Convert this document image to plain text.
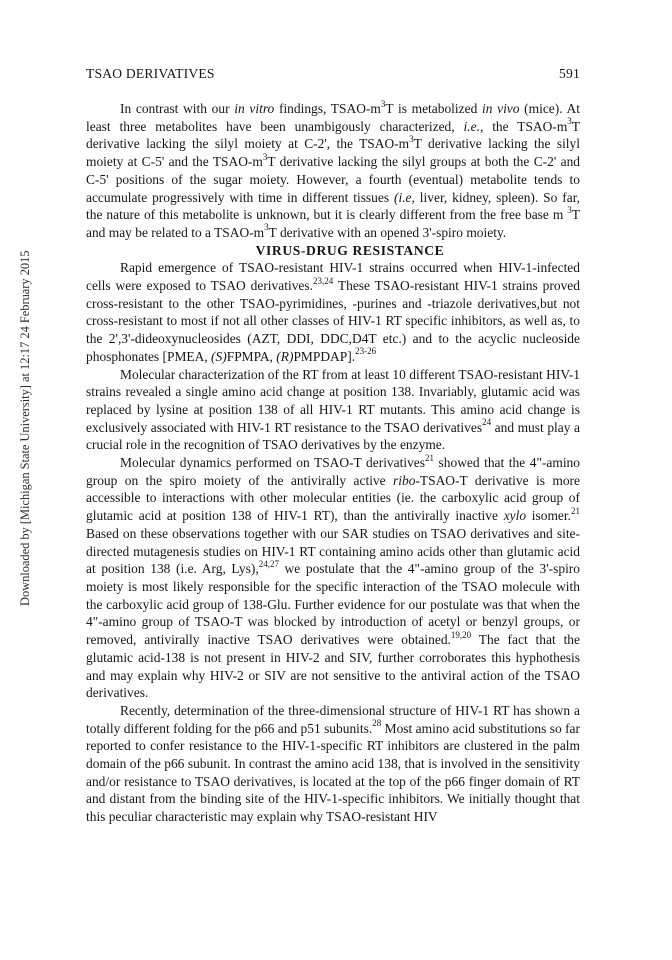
TSAO DERIVATIVES	591
Downloaded by [Michigan State University] at 12:17 24 February 2015

In contrast with our in vitro findings, TSAO-$m^3T$ is metabolized in vivo (mice). At least three metabolites have been unambigously characterized, i.e., the TSAO-$m^3T$ derivative lacking the silyl moiety at C-2', the TSAO-$m^3T$ derivative lacking the silyl moiety at C-5' and the TSAO-$m^3T$ derivative lacking the silyl groups at both the C-2' and C-5' positions of the sugar moiety. However, a fourth (eventual) metabolite tends to accumulate progressively with time in different tissues (i.e, liver, kidney, spleen). So far, the nature of this metabolite is unknown, but it is clearly different from the free base m $^3$T and may be related to a TSAO-$m^3T$ derivative with an opened 3'-spiro moiety.

VIRUS-DRUG RESISTANCE

Rapid emergence of TSAO-resistant HIV-1 strains occurred when HIV-1-infected cells were exposed to TSAO derivatives.$^{23,24}$ These TSAO-resistant HIV-1 strains proved cross-resistant to the other TSAO-pyrimidines, -purines and -triazole derivatives,but not cross-resistant to most if not all other classes of HIV-1 RT specific inhibitors, as well as, to the 2',3'-dideoxynucleosides (AZT, DDI, DDC,D4T etc.) and to the acyclic nucleoside phosphonates [PMEA, (S)FPMPA, (R)PMPDAP].$^{23-26}$

Molecular characterization of the RT from at least 10 different TSAO-resistant HIV-1 strains revealed a single amino acid change at position 138. Invariably, glutamic acid was replaced by lysine at position 138 of all HIV-1 RT mutants. This amino acid change is exclusively associated with HIV-1 RT resistance to the TSAO derivatives$^{24}$ and must play a crucial role in the recognition of TSAO derivatives by the enzyme.

Molecular dynamics performed on TSAO-T derivatives$^{21}$ showed that the 4"-amino group on the spiro moiety of the antivirally active ribo-TSAO-T derivative is more accessible to interactions with other molecular entities (ie. the carboxylic acid group of glutamic acid at position 138 of HIV-1 RT), than the antivirally inactive xylo isomer.$^{21}$ Based on these observations together with our SAR studies on TSAO derivatives and site-directed mutagenesis studies on HIV-1 RT containing amino acids other than glutamic acid at position 138 (i.e. Arg, Lys),$^{24,27}$ we postulate that the 4"-amino group of the 3'-spiro moiety is most likely responsible for the specific interaction of the TSAO molecule with the carboxylic acid group of 138-Glu. Further evidence for our postulate was that when the 4"-amino group of TSAO-T was blocked by introduction of acetyl or benzyl groups, or removed, antivirally inactive TSAO derivatives were obtained.$^{19,20}$ The fact that the glutamic acid-138 is not present in HIV-2 and SIV, further corroborates this hyphothesis and may explain why HIV-2 or SIV are not sensitive to the antiviral action of the TSAO derivatives.

Recently, determination of the three-dimensional structure of HIV-1 RT has shown a totally different folding for the p66 and p51 subunits.$^{28}$ Most amino acid substitutions so far reported to confer resistance to the HIV-1-specific RT inhibitors are clustered in the palm domain of the p66 subunit. In contrast the amino acid 138, that is involved in the sensitivity and/or resistance to TSAO derivatives, is located at the top of the p66 finger domain of RT and distant from the binding site of the HIV-1-specific inhibitors. We initially thought that this peculiar characteristic may explain why TSAO-resistant HIV
